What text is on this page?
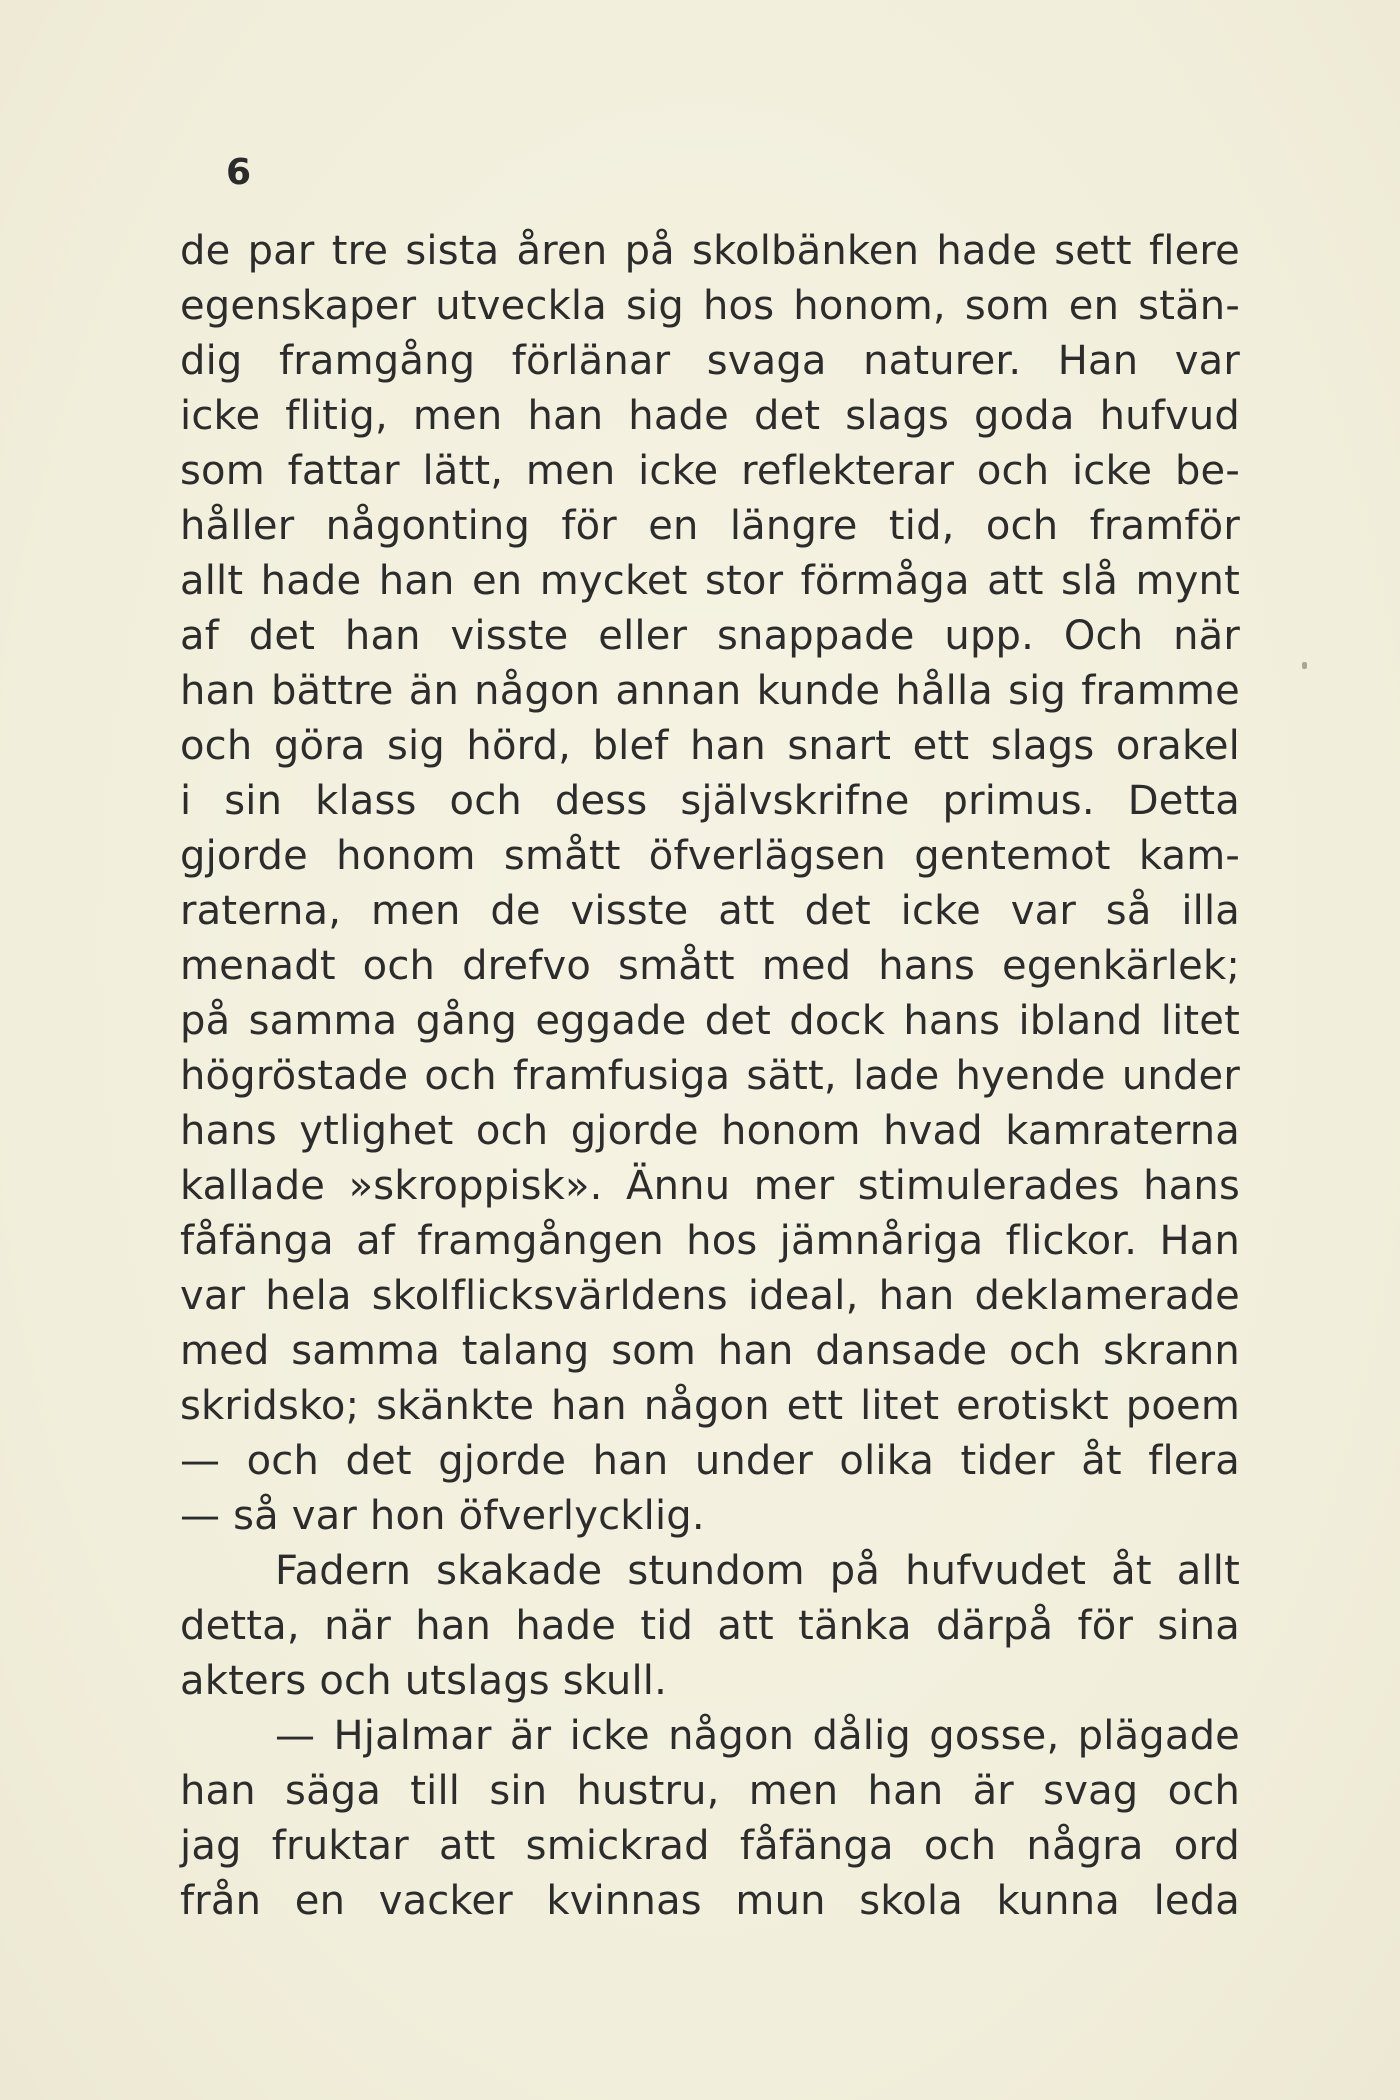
6
de par tre sista åren på skolbänken hade sett flere
egenskaper utveckla sig hos honom, som en stän-
dig framgång förlänar svaga naturer. Han var
icke flitig, men han hade det slags goda hufvud
som fattar lätt, men icke reflekterar och icke be-
håller någonting för en längre tid, och framför
allt hade han en mycket stor förmåga att slå mynt
af det han visste eller snappade upp. Och när
han bättre än någon annan kunde hålla sig framme
och göra sig hörd, blef han snart ett slags orakel
i sin klass och dess självskrifne primus. Detta
gjorde honom smått öfverlägsen gentemot kam-
raterna, men de visste att det icke var så illa
menadt och drefvo smått med hans egenkärlek;
på samma gång eggade det dock hans ibland litet
högröstade och framfusiga sätt, lade hyende under
hans ytlighet och gjorde honom hvad kamraterna
kallade »skroppisk». Ännu mer stimulerades hans
fåfänga af framgången hos jämnåriga flickor. Han
var hela skolflicksvärldens ideal, han deklamerade
med samma talang som han dansade och skrann
skridsko; skänkte han någon ett litet erotiskt poem
— och det gjorde han under olika tider åt flera
— så var hon öfverlycklig.
Fadern skakade stundom på hufvudet åt allt
detta, när han hade tid att tänka därpå för sina
akters och utslags skull.
— Hjalmar är icke någon dålig gosse, plägade
han säga till sin hustru, men han är svag och
jag fruktar att smickrad fåfänga och några ord
från en vacker kvinnas mun skola kunna leda
